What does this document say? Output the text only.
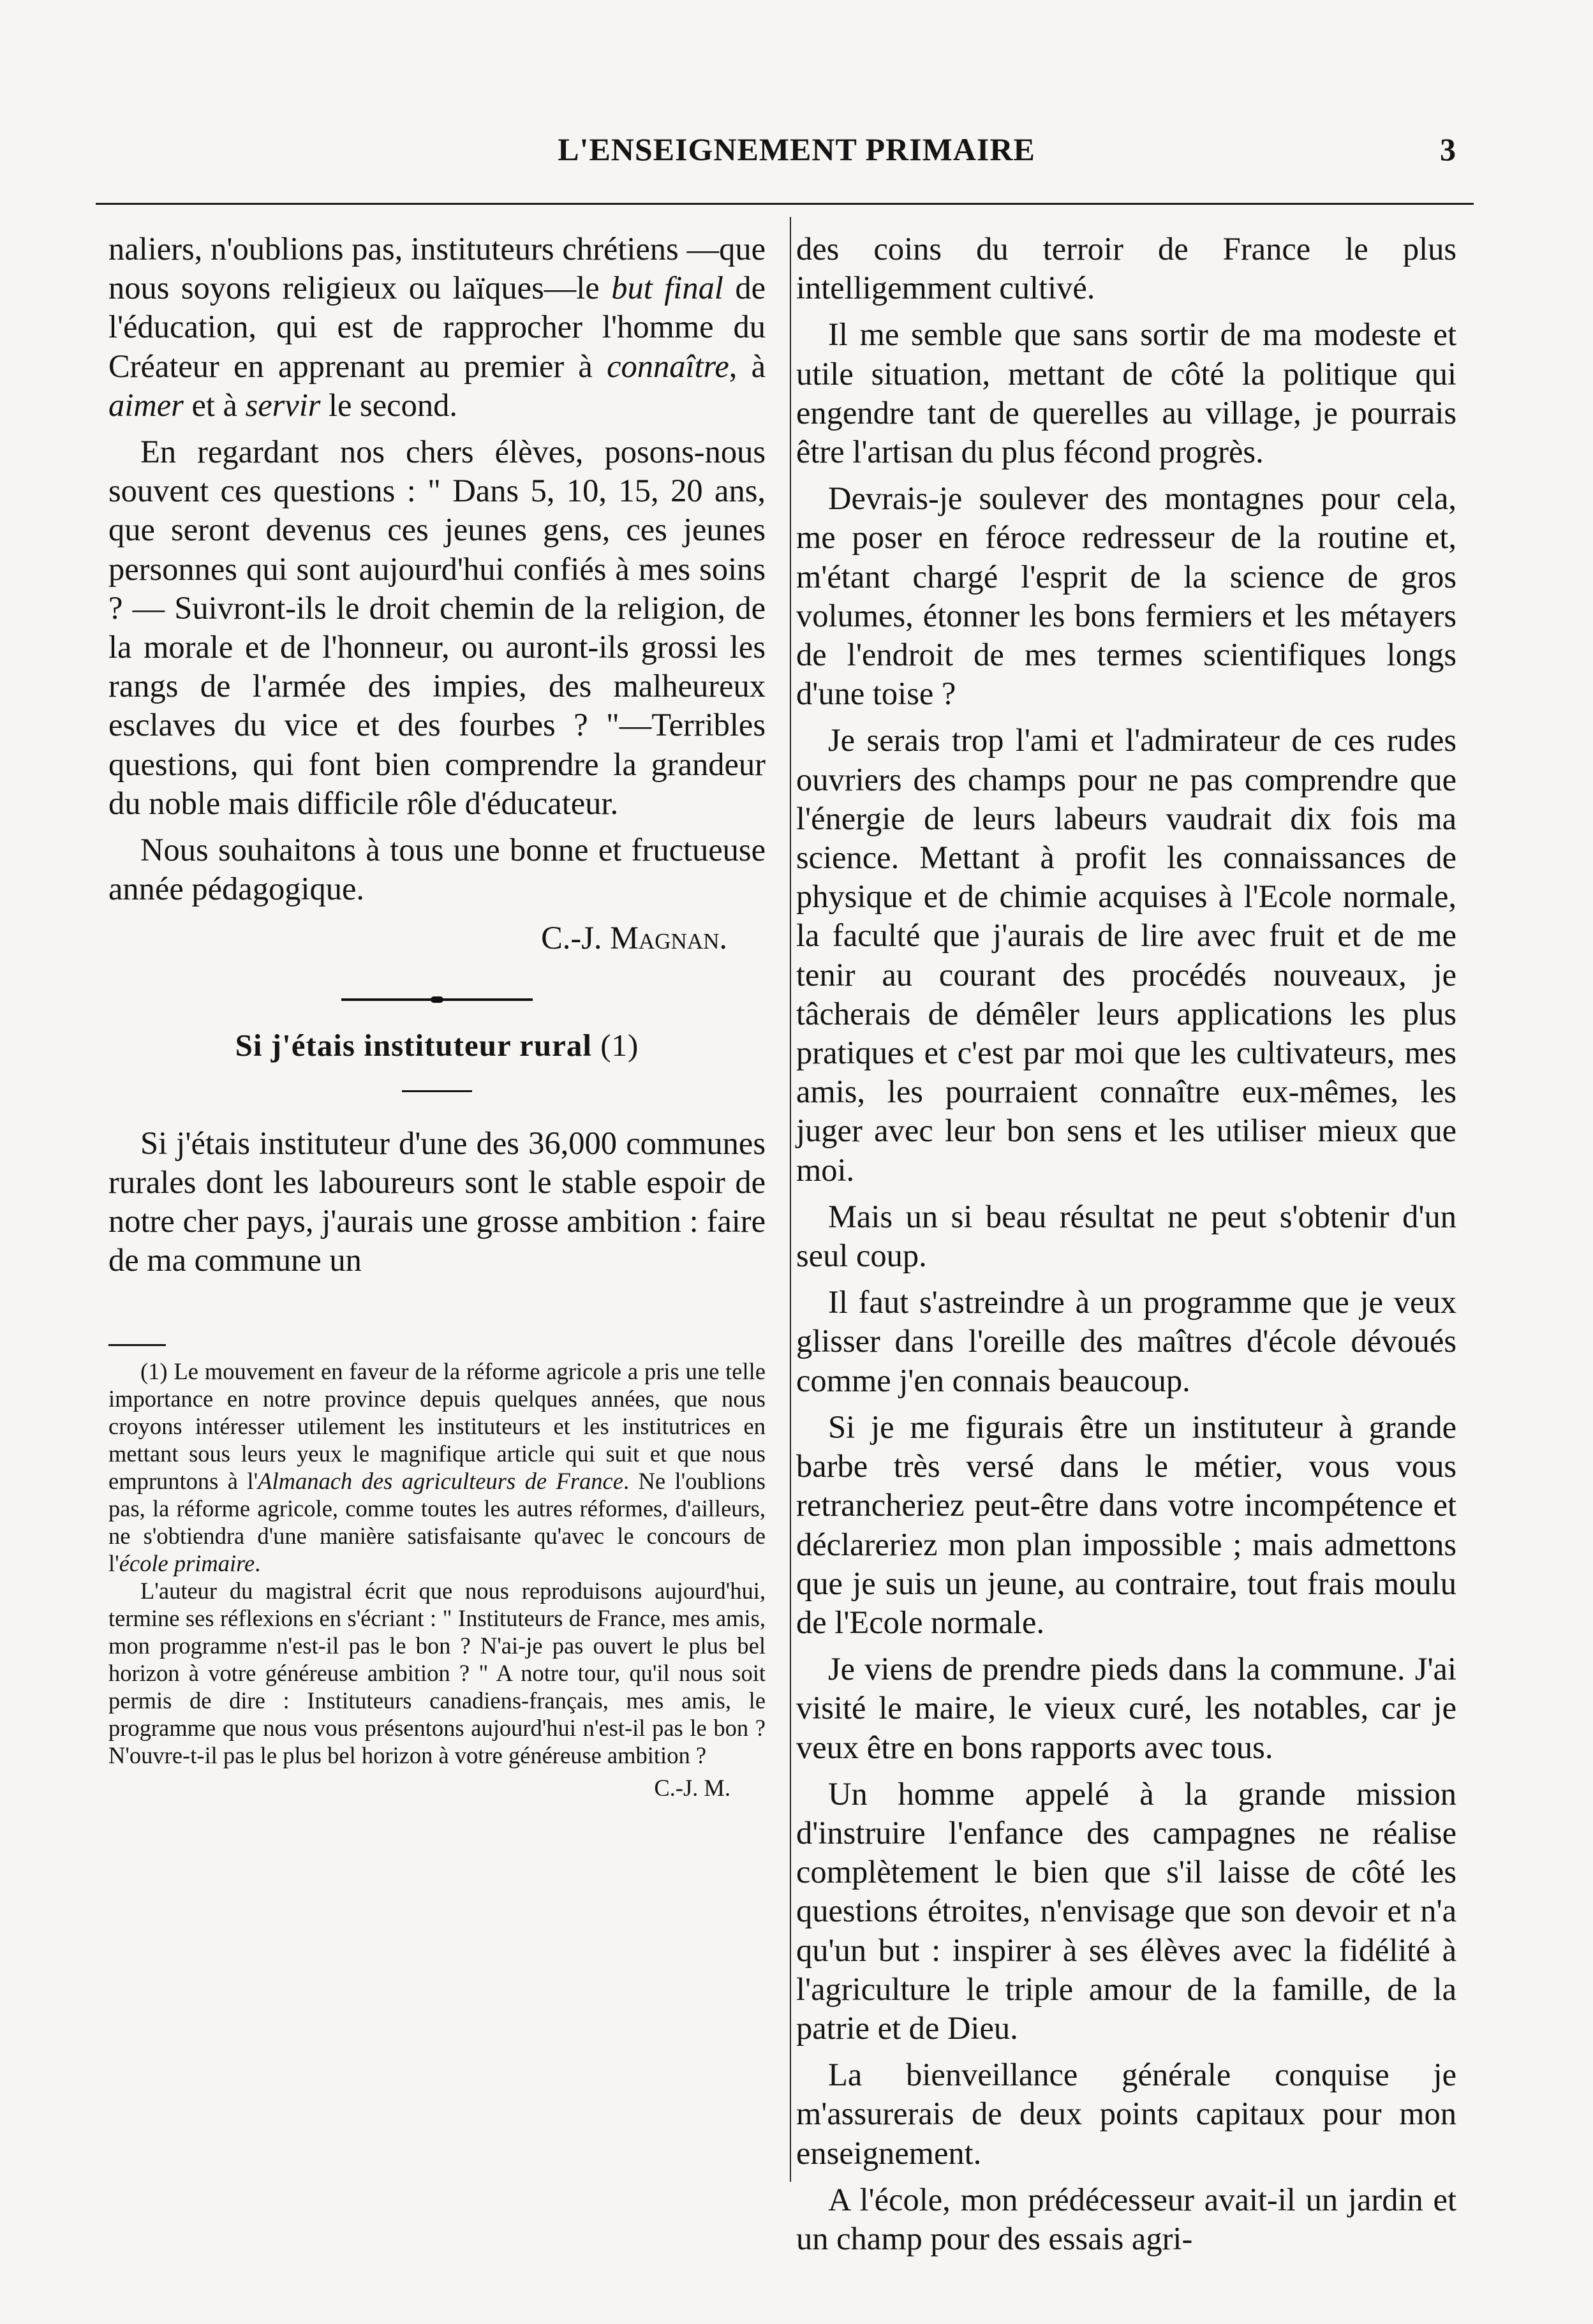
L'ENSEIGNEMENT PRIMAIRE	3

naliers, n'oublions pas, instituteurs chrétiens —que nous soyons religieux ou laïques—le but final de l'éducation, qui est de rapprocher l'homme du Créateur en apprenant au premier à connaître, à aimer et à servir le second.

En regardant nos chers élèves, posons-nous souvent ces questions : " Dans 5, 10, 15, 20 ans, que seront devenus ces jeunes gens, ces jeunes personnes qui sont aujourd'hui confiés à mes soins ? — Suivront-ils le droit chemin de la religion, de la morale et de l'honneur, ou auront-ils grossi les rangs de l'armée des impies, des malheureux esclaves du vice et des fourbes ? "—Terribles questions, qui font bien comprendre la grandeur du noble mais difficile rôle d'éducateur.

Nous souhaitons à tous une bonne et fructueuse année pédagogique.

C.-J. Magnan.

Si j'étais instituteur rural (1)

Si j'étais instituteur d'une des 36,000 communes rurales dont les laboureurs sont le stable espoir de notre cher pays, j'aurais une grosse ambition : faire de ma commune un

(1) Le mouvement en faveur de la réforme agricole a pris une telle importance en notre province depuis quelques années, que nous croyons intéresser utilement les instituteurs et les institutrices en mettant sous leurs yeux le magnifique article qui suit et que nous empruntons à l'Almanach des agriculteurs de France. Ne l'oublions pas, la réforme agricole, comme toutes les autres réformes, d'ailleurs, ne s'obtiendra d'une manière satisfaisante qu'avec le concours de l'école primaire.

L'auteur du magistral écrit que nous reproduisons aujourd'hui, termine ses réflexions en s'écriant : " Instituteurs de France, mes amis, mon programme n'est-il pas le bon ? N'ai-je pas ouvert le plus bel horizon à votre généreuse ambition ? " A notre tour, qu'il nous soit permis de dire : Instituteurs canadiens-français, mes amis, le programme que nous vous présentons aujourd'hui n'est-il pas le bon ? N'ouvre-t-il pas le plus bel horizon à votre généreuse ambition ?

C.-J. M.

des coins du terroir de France le plus intelligemment cultivé.

Il me semble que sans sortir de ma modeste et utile situation, mettant de côté la politique qui engendre tant de querelles au village, je pourrais être l'artisan du plus fécond progrès.

Devrais-je soulever des montagnes pour cela, me poser en féroce redresseur de la routine et, m'étant chargé l'esprit de la science de gros volumes, étonner les bons fermiers et les métayers de l'endroit de mes termes scientifiques longs d'une toise ?

Je serais trop l'ami et l'admirateur de ces rudes ouvriers des champs pour ne pas comprendre que l'énergie de leurs labeurs vaudrait dix fois ma science. Mettant à profit les connaissances de physique et de chimie acquises à l'Ecole normale, la faculté que j'aurais de lire avec fruit et de me tenir au courant des procédés nouveaux, je tâcherais de démêler leurs applications les plus pratiques et c'est par moi que les cultivateurs, mes amis, les pourraient connaître eux-mêmes, les juger avec leur bon sens et les utiliser mieux que moi.

Mais un si beau résultat ne peut s'obtenir d'un seul coup.

Il faut s'astreindre à un programme que je veux glisser dans l'oreille des maîtres d'école dévoués comme j'en connais beaucoup.

Si je me figurais être un instituteur à grande barbe très versé dans le métier, vous vous retrancheriez peut-être dans votre incompétence et déclareriez mon plan impossible ; mais admettons que je suis un jeune, au contraire, tout frais moulu de l'Ecole normale.

Je viens de prendre pieds dans la commune. J'ai visité le maire, le vieux curé, les notables, car je veux être en bons rapports avec tous.

Un homme appelé à la grande mission d'instruire l'enfance des campagnes ne réalise complètement le bien que s'il laisse de côté les questions étroites, n'envisage que son devoir et n'a qu'un but : inspirer à ses élèves avec la fidélité à l'agriculture le triple amour de la famille, de la patrie et de Dieu.

La bienveillance générale conquise je m'assurerais de deux points capitaux pour mon enseignement.

A l'école, mon prédécesseur avait-il un jardin et un champ pour des essais agri-
